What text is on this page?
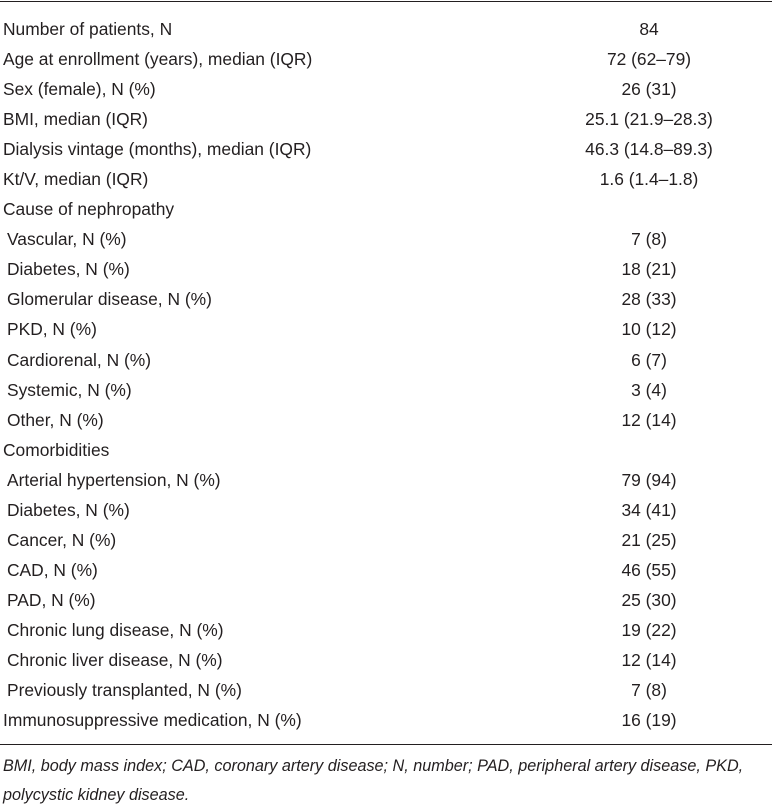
Number of patients, N	84
Age at enrollment (years), median (IQR)	72 (62–79)
Sex (female), N (%)	26 (31)
BMI, median (IQR)	25.1 (21.9–28.3)
Dialysis vintage (months), median (IQR)	46.3 (14.8–89.3)
Kt/V, median (IQR)	1.6 (1.4–1.8)
Cause of nephropathy
Vascular, N (%)	7 (8)
Diabetes, N (%)	18 (21)
Glomerular disease, N (%)	28 (33)
PKD, N (%)	10 (12)
Cardiorenal, N (%)	6 (7)
Systemic, N (%)	3 (4)
Other, N (%)	12 (14)
Comorbidities
Arterial hypertension, N (%)	79 (94)
Diabetes, N (%)	34 (41)
Cancer, N (%)	21 (25)
CAD, N (%)	46 (55)
PAD, N (%)	25 (30)
Chronic lung disease, N (%)	19 (22)
Chronic liver disease, N (%)	12 (14)
Previously transplanted, N (%)	7 (8)
Immunosuppressive medication, N (%)	16 (19)
BMI, body mass index; CAD, coronary artery disease; N, number; PAD, peripheral artery disease, PKD, polycystic kidney disease.
